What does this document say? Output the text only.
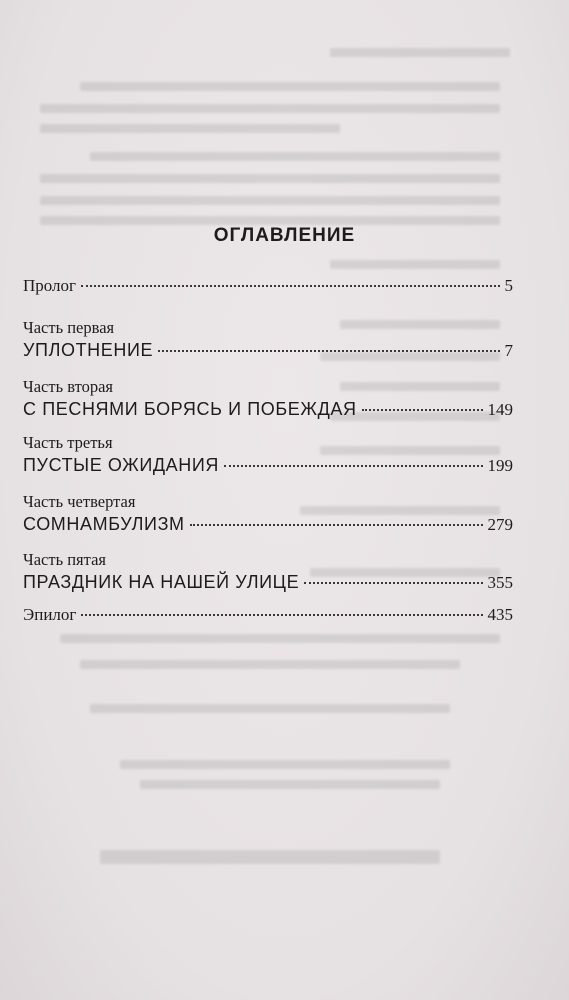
ОГЛАВЛЕНИЕ
Пролог	5
Часть первая
УПЛОТНЕНИЕ	7
Часть вторая
С ПЕСНЯМИ БОРЯСЬ И ПОБЕЖДАЯ	149
Часть третья
ПУСТЫЕ ОЖИДАНИЯ	199
Часть четвертая
СОМНАМБУЛИЗМ	279
Часть пятая
ПРАЗДНИК НА НАШЕЙ УЛИЦЕ	355
Эпилог	435
